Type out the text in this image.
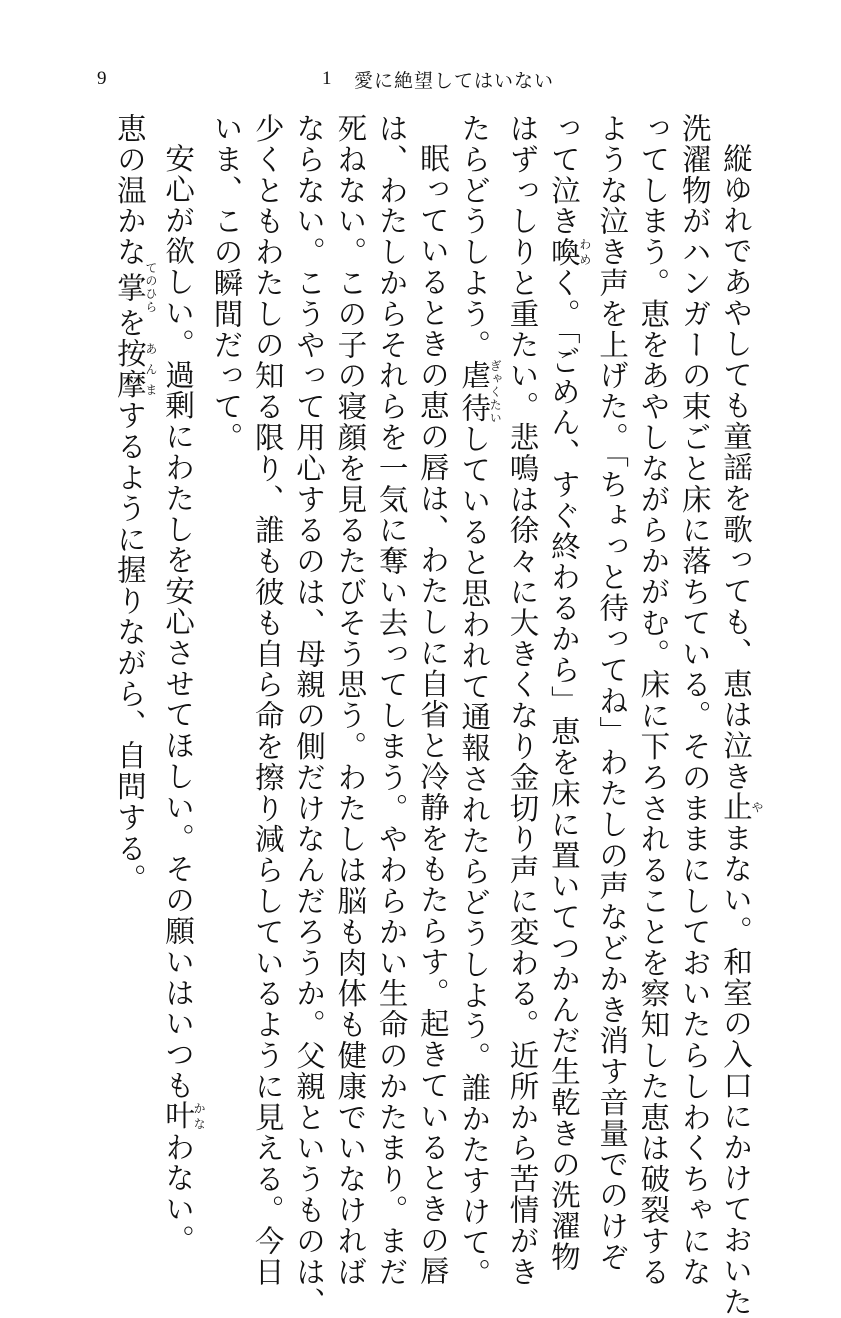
9	1 愛に絶望してはいない
縦ゆれであやしても童謡を歌っても、恵は泣き止やまない。和室の入口にかけておいた
洗濯物がハンガーの束ごと床に落ちている。そのままにしておいたらしわくちゃにな
ってしまう。恵をあやしながらかがむ。床に下ろされることを察知した恵は破裂する
ような泣き声を上げた。「ちょっと待ってね」わたしの声などかき消す音量でのけぞ
って泣き喚わめく。「ごめん、すぐ終わるから」恵を床に置いてつかんだ生乾きの洗濯物
はずっしりと重たい。悲鳴は徐々に大きくなり金切り声に変わる。近所から苦情がき
たらどうしよう。虐待ぎゃくたいしていると思われて通報されたらどうしよう。誰かたすけて。
眠っているときの恵の唇は、わたしに自省と冷静をもたらす。起きているときの唇
は、わたしからそれらを一気に奪い去ってしまう。やわらかい生命のかたまり。まだ
死ねない。この子の寝顔を見るたびそう思う。わたしは脳も肉体も健康でいなければ
ならない。こうやって用心するのは、母親の側だけなんだろうか。父親というものは、
少くともわたしの知る限り、誰も彼も自ら命を擦り減らしているように見える。今日
いま、この瞬間だって。
安心が欲しい。過剰にわたしを安心させてほしい。その願いはいつも叶かなわない。
恵の温かな掌てのひらを按摩あんまするように握りながら、自問する。
